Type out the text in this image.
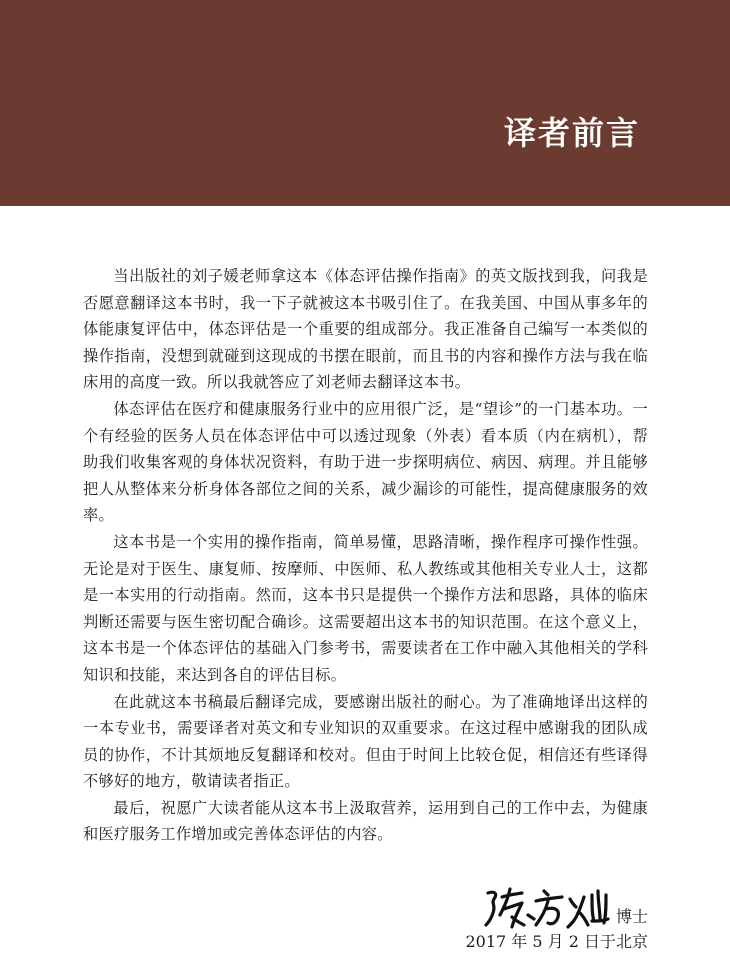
译者前言

当出版社的刘子媛老师拿这本《体态评估操作指南》的英文版找到我，问我是否愿意翻译这本书时，我一下子就被这本书吸引住了。在我美国、中国从事多年的体能康复评估中，体态评估是一个重要的组成部分。我正准备自己编写一本类似的操作指南，没想到就碰到这现成的书摆在眼前，而且书的内容和操作方法与我在临床用的高度一致。所以我就答应了刘老师去翻译这本书。

体态评估在医疗和健康服务行业中的应用很广泛，是“望诊”的一门基本功。一个有经验的医务人员在体态评估中可以透过现象（外表）看本质（内在病机），帮助我们收集客观的身体状况资料，有助于进一步探明病位、病因、病理。并且能够把人从整体来分析身体各部位之间的关系，减少漏诊的可能性，提高健康服务的效率。

这本书是一个实用的操作指南，简单易懂，思路清晰，操作程序可操作性强。无论是对于医生、康复师、按摩师、中医师、私人教练或其他相关专业人士，这都是一本实用的行动指南。然而，这本书只是提供一个操作方法和思路，具体的临床判断还需要与医生密切配合确诊。这需要超出这本书的知识范围。在这个意义上，这本书是一个体态评估的基础入门参考书，需要读者在工作中融入其他相关的学科知识和技能，来达到各自的评估目标。

在此就这本书稿最后翻译完成，要感谢出版社的耐心。为了准确地译出这样的一本专业书，需要译者对英文和专业知识的双重要求。在这过程中感谢我的团队成员的协作，不计其烦地反复翻译和校对。但由于时间上比较仓促，相信还有些译得不够好的地方，敬请读者指正。

最后，祝愿广大读者能从这本书上汲取营养，运用到自己的工作中去，为健康和医疗服务工作增加或完善体态评估的内容。

博士
2017 年 5 月 2 日于北京
